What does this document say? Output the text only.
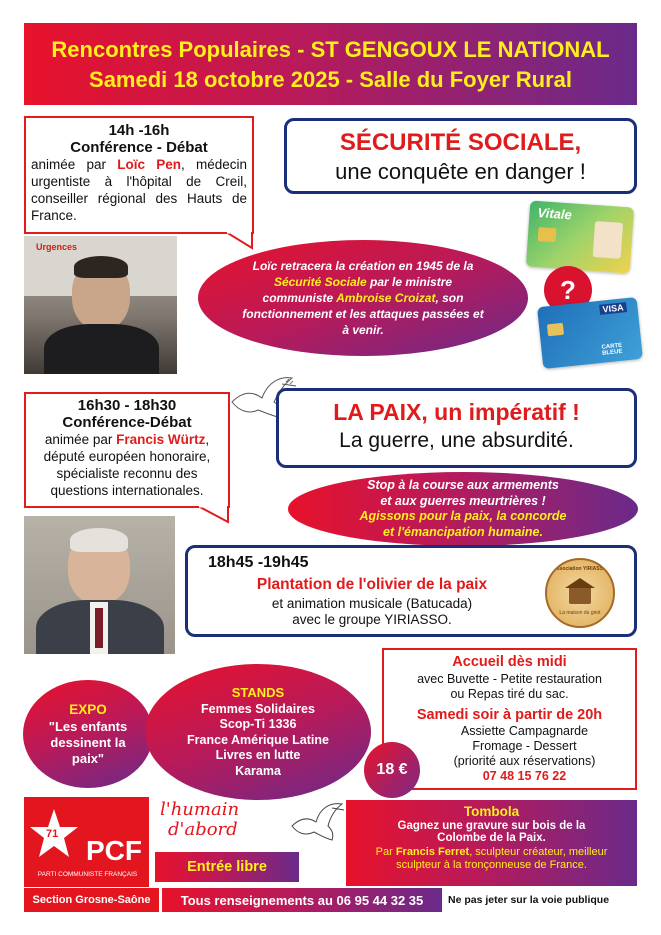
Rencontres Populaires - ST GENGOUX LE NATIONAL
Samedi 18 octobre 2025 - Salle du Foyer Rural
14h -16h
Conférence - Débat
animée par Loïc Pen, médecin urgentiste à l'hôpital de Creil, conseiller régional des Hauts de France.
Urgences
SÉCURITÉ SOCIALE,
une conquête en danger !
Loïc retracera la création en 1945 de la Sécurité Sociale par le ministre communiste Ambroise Croizat, son fonctionnement et les attaques passées et à venir.
Vitale
?
VISA
CARTE BLEUE
16h30 - 18h30
Conférence-Débat
animée par Francis Würtz, député européen honoraire, spécialiste reconnu des questions internationales.
LA PAIX, un impératif !
La guerre, une absurdité.
Stop à la course aux armements
et aux guerres meurtrières !
Agissons pour la paix, la concorde
et l'émancipation humaine.
18h45 -19h45
Plantation de l'olivier de la paix
et animation musicale (Batucada)
avec le groupe YIRIASSO.
Association YIRIASSO
La maison du griot
Accueil dès midi
avec Buvette - Petite restauration
ou Repas tiré du sac.
Samedi soir à partir de 20h
Assiette Campagnarde
Fromage - Dessert
(priorité aux réservations)
07 48 15 76 22
EXPO
"Les enfants dessinent la paix"
STANDS
Femmes Solidaires
Scop-Ti 1336
France Amérique Latine
Livres en lutte
Karama	18 €
71
PCF
PARTI COMMUNISTE FRANÇAIS
l'humain
d'abord
Entrée libre
Tombola
Gagnez une gravure sur bois de la
Colombe de la Paix.
Par Francis Ferret, sculpteur créateur, meilleur sculpteur à la tronçonneuse de France.
Section Grosne-Saône Tous renseignements au 06 95 44 32 35 Ne pas jeter sur la voie publique
